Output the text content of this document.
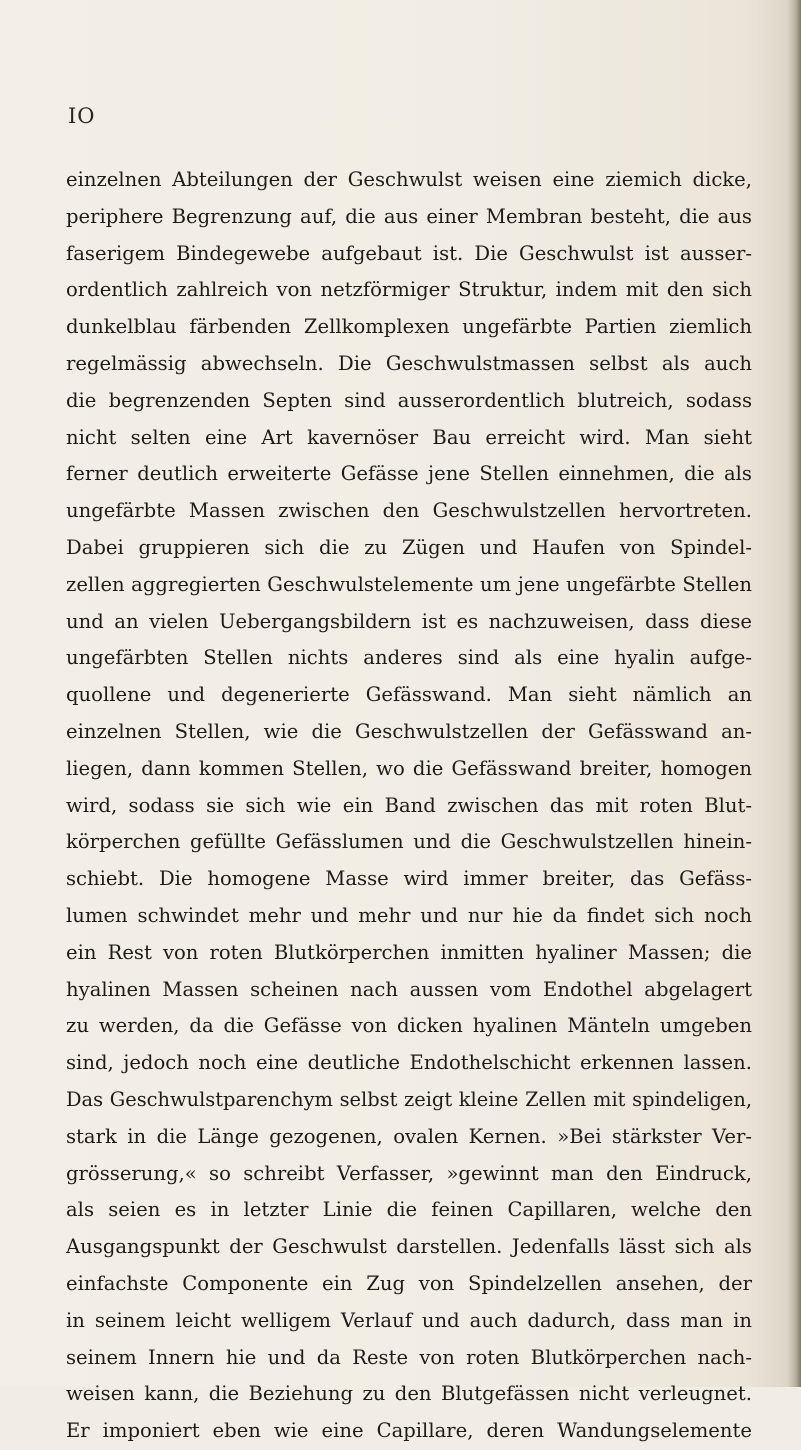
IO
einzelnen Abteilungen der Geschwulst weisen eine ziemich dicke,
periphere Begrenzung auf, die aus einer Membran besteht, die aus
faserigem Bindegewebe aufgebaut ist. Die Geschwulst ist ausser-
ordentlich zahlreich von netzförmiger Struktur, indem mit den sich
dunkelblau färbenden Zellkomplexen ungefärbte Partien ziemlich
regelmässig abwechseln. Die Geschwulstmassen selbst als auch
die begrenzenden Septen sind ausserordentlich blutreich, sodass
nicht selten eine Art kavernöser Bau erreicht wird. Man sieht
ferner deutlich erweiterte Gefässe jene Stellen einnehmen, die als
ungefärbte Massen zwischen den Geschwulstzellen hervortreten.
Dabei gruppieren sich die zu Zügen und Haufen von Spindel-
zellen aggregierten Geschwulstelemente um jene ungefärbte Stellen
und an vielen Uebergangsbildern ist es nachzuweisen, dass diese
ungefärbten Stellen nichts anderes sind als eine hyalin aufge-
quollene und degenerierte Gefässwand. Man sieht nämlich an
einzelnen Stellen, wie die Geschwulstzellen der Gefässwand an-
liegen, dann kommen Stellen, wo die Gefässwand breiter, homogen
wird, sodass sie sich wie ein Band zwischen das mit roten Blut-
körperchen gefüllte Gefässlumen und die Geschwulstzellen hinein-
schiebt. Die homogene Masse wird immer breiter, das Gefäss-
lumen schwindet mehr und mehr und nur hie da findet sich noch
ein Rest von roten Blutkörperchen inmitten hyaliner Massen; die
hyalinen Massen scheinen nach aussen vom Endothel abgelagert
zu werden, da die Gefässe von dicken hyalinen Mänteln umgeben
sind, jedoch noch eine deutliche Endothelschicht erkennen lassen.
Das Geschwulstparenchym selbst zeigt kleine Zellen mit spindeligen,
stark in die Länge gezogenen, ovalen Kernen. »Bei stärkster Ver-
grösserung,« so schreibt Verfasser, »gewinnt man den Eindruck,
als seien es in letzter Linie die feinen Capillaren, welche den
Ausgangspunkt der Geschwulst darstellen. Jedenfalls lässt sich als
einfachste Componente ein Zug von Spindelzellen ansehen, der
in seinem leicht welligem Verlauf und auch dadurch, dass man in
seinem Innern hie und da Reste von roten Blutkörperchen nach-
weisen kann, die Beziehung zu den Blutgefässen nicht verleugnet.
Er imponiert eben wie eine Capillare, deren Wandungselemente
